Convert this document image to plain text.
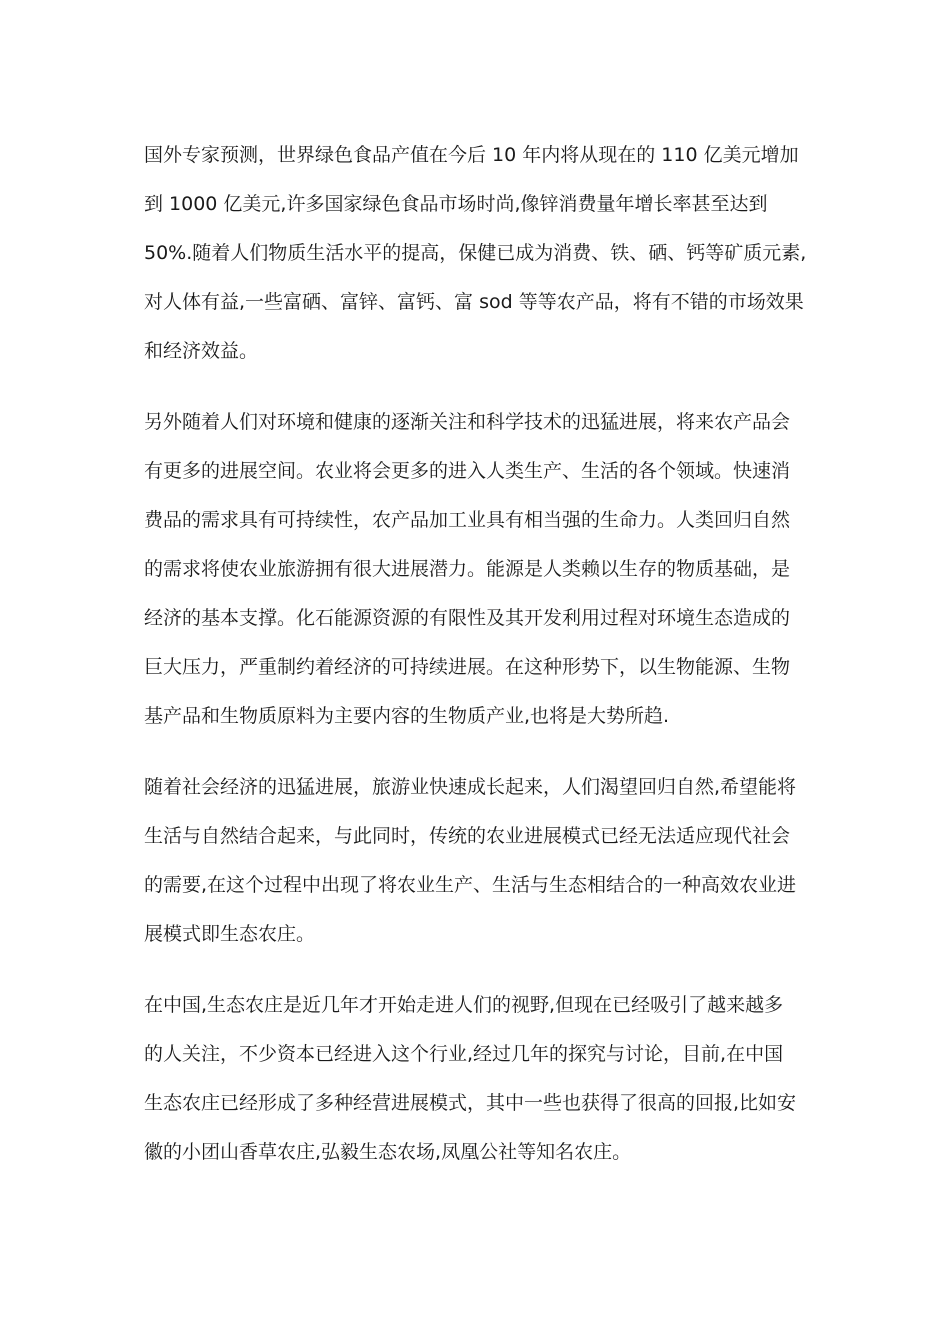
国外专家预测，世界绿色食品产值在今后 10 年内将从现在的 110 亿美元增加
到 1000 亿美元,许多国家绿色食品市场时尚,像锌消费量年增长率甚至达到
50%.随着人们物质生活水平的提高，保健已成为消费、铁、硒、钙等矿质元素,
对人体有益,一些富硒、富锌、富钙、富 sod 等等农产品，将有不错的市场效果
和经济效益。
另外随着人们对环境和健康的逐渐关注和科学技术的迅猛进展，将来农产品会
有更多的进展空间。农业将会更多的进入人类生产、生活的各个领域。快速消
费品的需求具有可持续性，农产品加工业具有相当强的生命力。人类回归自然
的需求将使农业旅游拥有很大进展潜力。能源是人类赖以生存的物质基础，是
经济的基本支撑。化石能源资源的有限性及其开发利用过程对环境生态造成的
巨大压力，严重制约着经济的可持续进展。在这种形势下，以生物能源、生物
基产品和生物质原料为主要内容的生物质产业,也将是大势所趋.
随着社会经济的迅猛进展，旅游业快速成长起来，人们渴望回归自然,希望能将
生活与自然结合起来，与此同时，传统的农业进展模式已经无法适应现代社会
的需要,在这个过程中出现了将农业生产、生活与生态相结合的一种高效农业进
展模式即生态农庄。
在中国,生态农庄是近几年才开始走进人们的视野,但现在已经吸引了越来越多
的人关注，不少资本已经进入这个行业,经过几年的探究与讨论，目前,在中国
生态农庄已经形成了多种经营进展模式，其中一些也获得了很高的回报,比如安
徽的小团山香草农庄,弘毅生态农场,凤凰公社等知名农庄。
